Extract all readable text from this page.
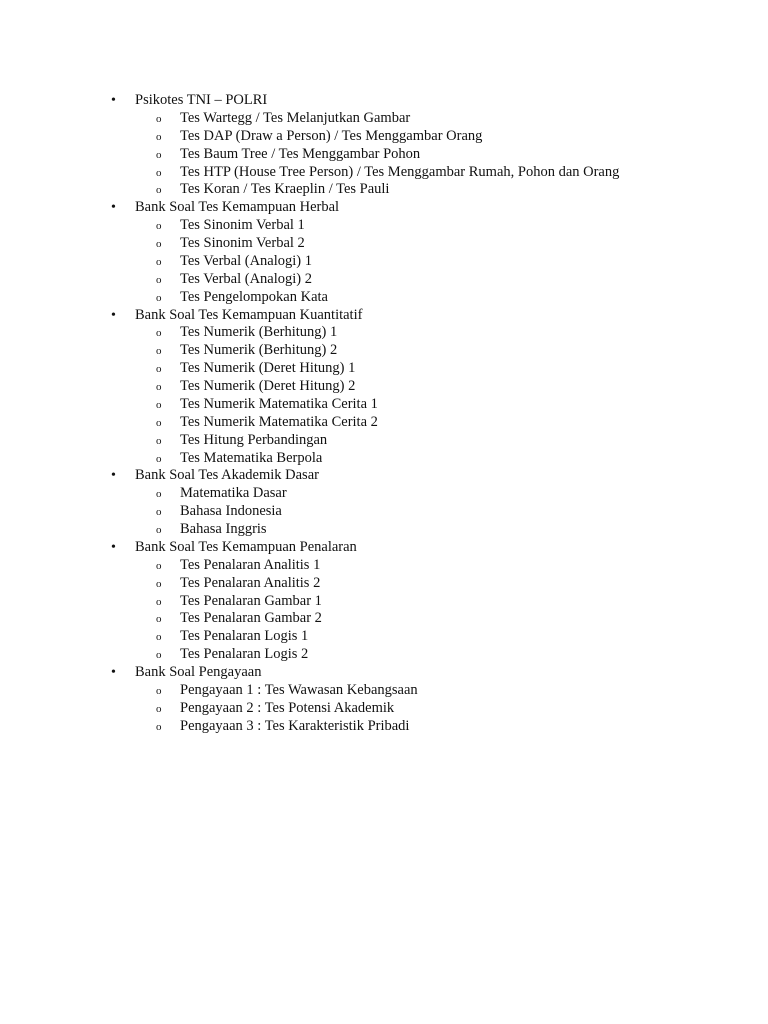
• Psikotes TNI – POLRI
o Tes Wartegg / Tes Melanjutkan Gambar
o Tes DAP (Draw a Person) / Tes Menggambar Orang
o Tes Baum Tree / Tes Menggambar Pohon
o Tes HTP (House Tree Person) / Tes Menggambar Rumah, Pohon dan Orang
o Tes Koran / Tes Kraeplin / Tes Pauli
• Bank Soal Tes Kemampuan Herbal
o Tes Sinonim Verbal 1
o Tes Sinonim Verbal 2
o Tes Verbal (Analogi) 1
o Tes Verbal (Analogi) 2
o Tes Pengelompokan Kata
• Bank Soal Tes Kemampuan Kuantitatif
o Tes Numerik (Berhitung) 1
o Tes Numerik (Berhitung) 2
o Tes Numerik (Deret Hitung) 1
o Tes Numerik (Deret Hitung) 2
o Tes Numerik Matematika Cerita 1
o Tes Numerik Matematika Cerita 2
o Tes Hitung Perbandingan
o Tes Matematika Berpola
• Bank Soal Tes Akademik Dasar
o Matematika Dasar
o Bahasa Indonesia
o Bahasa Inggris
• Bank Soal Tes Kemampuan Penalaran
o Tes Penalaran Analitis 1
o Tes Penalaran Analitis 2
o Tes Penalaran Gambar 1
o Tes Penalaran Gambar 2
o Tes Penalaran Logis 1
o Tes Penalaran Logis 2
• Bank Soal Pengayaan
o Pengayaan 1 : Tes Wawasan Kebangsaan
o Pengayaan 2 : Tes Potensi Akademik
o Pengayaan 3 : Tes Karakteristik Pribadi
